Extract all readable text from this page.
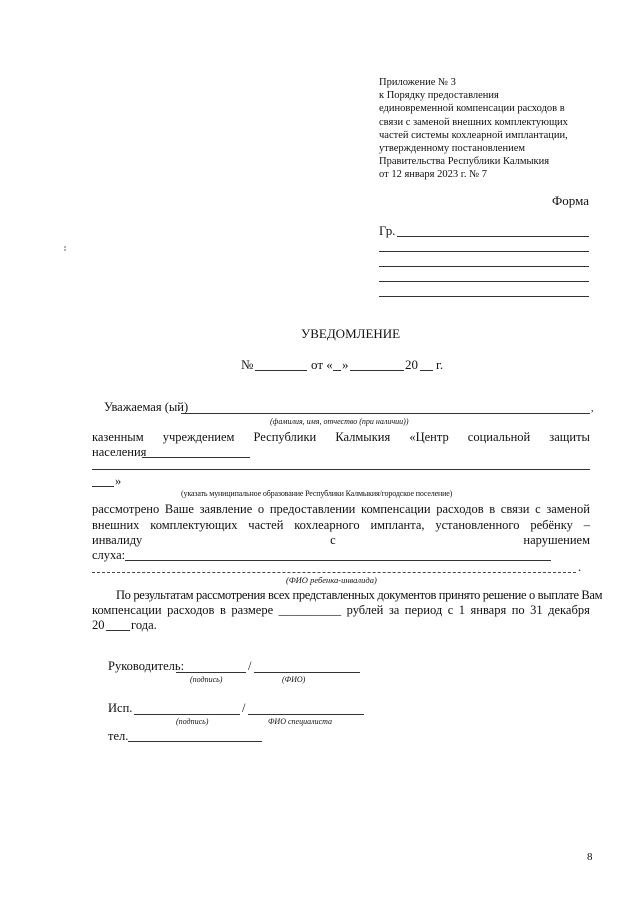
Приложение № 3
к Порядку предоставления
единовременной компенсации расходов в
связи с заменой внешних комплектующих
частей системы кохлеарной имплантации,
утвержденному постановлением
Правительства Республики Калмыкия
от 12 января 2023 г. № 7
Форма
Гр.
УВЕДОМЛЕНИЕ
№	от « »	20 г.
Уважаемая (ый)	,
(фамилия, имя, отчество (при наличии))
казенным учреждением Республики Калмыкия «Центр социальной защиты
населения
»
(указать муниципальное образование Республики Калмыкия/городское поселение)
рассмотрено Ваше заявление о предоставлении компенсации расходов в связи с заменой
внешних комплектующих частей кохлеарного импланта, установленного ребёнку –
инвалиду	с	нарушением
слуха:
.
(ФИО ребенка-инвалида)
По результатам рассмотрения всех представленных документов принято решение о выплате Вам
компенсации расходов в размере __________ рублей за период с 1 января по 31 декабря
20 года.
Руководитель:	/
(подпись)	(ФИО)
Исп.	/
(подпись)	ФИО специалиста
тел.
8
